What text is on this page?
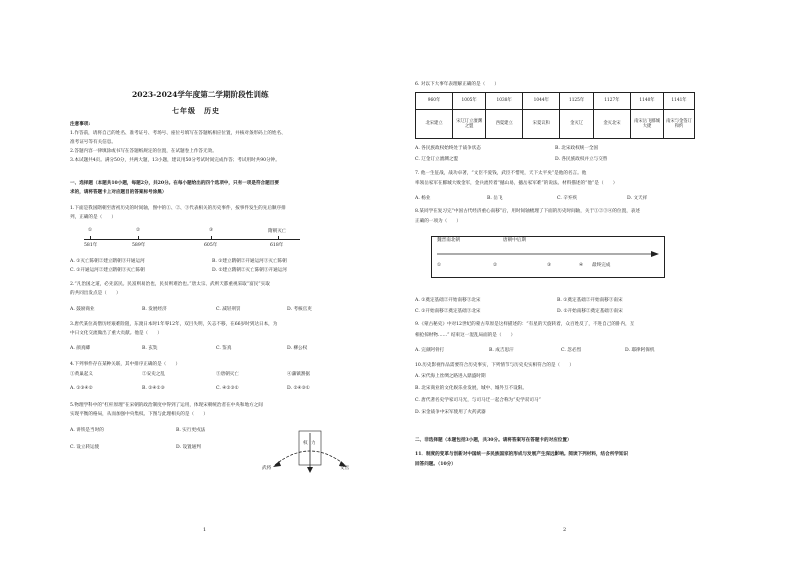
2023-2024学年度第二学期阶段性训练
七年级　历史
注意事项:
1.作答前，请将自己的姓名、准考证号、考场号、座位号填写在答题纸相应位置，并核对条形码上的姓名、
准考证号等有关信息。
2.答题内容一律填涂或书写在答题纸规定的位置，在试题卷上作答无效。
3.本试题共4页。满分50分，共两大题，13小题，建议用50分考试时间完成作答；考试用时共90分钟。
一、选择题（本题共10小题，每题2分，共20分。在每小题给出的四个选项中，只有一项是符合题目要
求的，请将答题卡上对应题目的答案标号涂黑）
1.下面是我国隋朝至唐初历史的时间轴，图中的①、②、③代表相关的历史事件，按事件发生的先后顺序排
列，正确的是（　　）
①	②	③	隋朝灭亡
581年	589年	605年	618年
A. ①灭亡陈朝②建立隋朝③开通运河	B. ①建立隋朝②开通运河③灭亡陈朝
C. ①开通运河②建立隋朝③灭亡陈朝	D. ①建立隋朝②灭亡陈朝③开通运河
2.“凡治国之道，必先富民。民富则易治也，民贫则难治也。”唐太宗、武则天都重视采取“富民”实取
的共同出发点是（　　）
A. 鼓励商业	B. 发展经济	C. 减轻刑罚	D. 考核官吏
3.唐代某位高僧历经艰难险阻，东渡日本时1年零12年，双目失明，矢志不移，在66岁时到达日本，为
中日文化交流做出了重大贡献。他是（　　）
A. 颜真卿	B. 玄奘	C. 鉴真	D. 柳公权
4.下列事件存在某种关联，其中排序正确的是（　　）
①黄巢起义	②安史之乱	③唐朝灭亡	④藩镇割据
A. ①③④②	B. ②④①③	C. ④②③①	D. ②④③①
5.物理学科中的“杠杆原理”在宋朝的政治制度中得到了运用，体现宋朝统治者在中央和地方之间
实现平衡的格局，从而加强中央集权。下图与此理相关的是（　　）
A. 讲铁是当时的	B. 实行更戍法
C. 设立转运使	D. 设置通判
权 力
武将	文官
1
6. 对以下大事年表理解正确的是（　　）
960年	1005年	1038年	1044年	1125年	1127年	1140年	1141年
北宋建立	宋辽订立澶渊之盟	西夏建立	宋夏议和	金灭辽	金灭北宋	南宋岳飞郾城大捷	南宋与金签订和约
A. 各民族政权始终处于战争状态	B. 北宋政权统一全国
C. 辽金订立澶渊之盟	D. 各民族政权并立与交替
7. 他一生征战，战功卓著，“文臣不爱钱，武臣不惜死，天下太平矣”是他的名言。他
率领岳家军在郾城大败金军，金兵流传着“撼山易，撼岳家军难”的说法。材料描述的“他”是（　　）
A. 杨业	B. 岳飞	C. 辛弃疾	D. 文天祥
8.某同学在复习完“中国古代经济重心南移”后，用时间轴梳理了下面的历史时间轴，关于①②③④的位置，表述
正确的一项为（　　）
魏晋南北朝	唐朝中后期
①	②	③	④ 最终完成
A. ①奠定基础②开始南移③北宋	B. ①奠定基础②开始南移③南宋
C. ①开始南移②奠定基础③北宋	D. ①开始南移②奠定基础③南宋
9.《蒙古秘史》中对12世纪的蒙古草原是这样描述的：“有星的天旋转着，众百姓反了，不进自己的卧内，互
相抢掠财物……” 结束这一混乱局面的是（　　）
A. 完颜阿骨打	B. 成吉思汗	C. 忽必烈	D. 耶律阿保机
10.历史影视作品需要符合历史事实，下列情节与历史史实相符合的是（　　）
A. 宋代海上丝绸之路进入鼎盛时期
B. 北宋商业的文化娱乐业发展，城中、城外互不设限。
C. 唐代著名史学家司马光，与司马迁一起合称为“史学双司马”
D. 宋金战争中宋军使用了火药武器
二、非选择题（本题包括3小题，共30分。请将答案写在答题卡的对应位置）
11．制度的变革与创新对中国统一多民族国家的形成与发展产生深远影响。阅读下列材料，结合所学知识
回答问题。（10分）
2
